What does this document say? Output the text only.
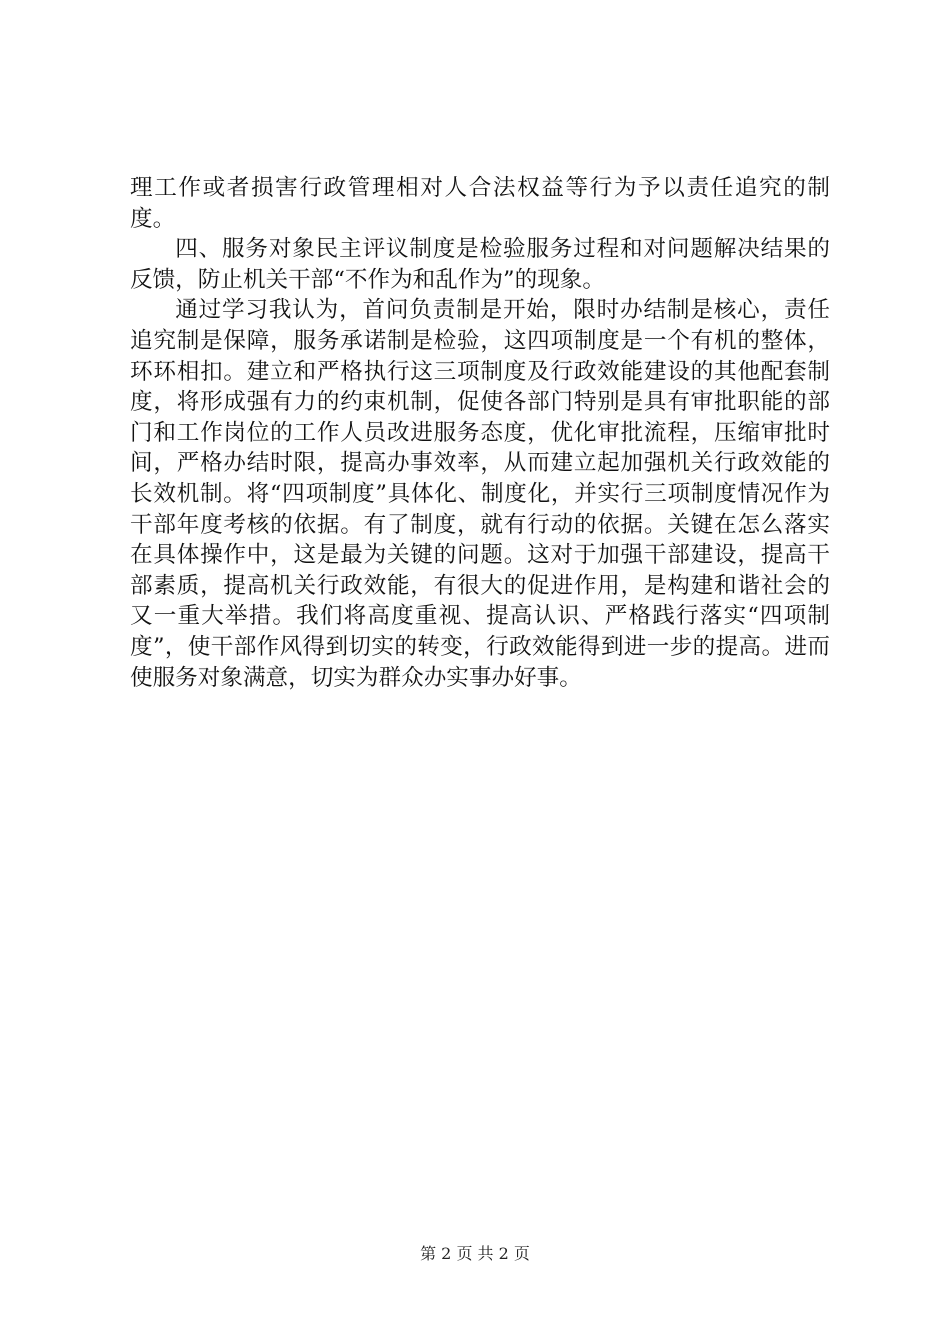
理工作或者损害行政管理相对人合法权益等行为予以责任追究的制度。

四、服务对象民主评议制度是检验服务过程和对问题解决结果的反馈，防止机关干部“不作为和乱作为”的现象。

通过学习我认为，首问负责制是开始，限时办结制是核心，责任追究制是保障，服务承诺制是检验，这四项制度是一个有机的整体，环环相扣。建立和严格执行这三项制度及行政效能建设的其他配套制度，将形成强有力的约束机制，促使各部门特别是具有审批职能的部门和工作岗位的工作人员改进服务态度，优化审批流程，压缩审批时间，严格办结时限，提高办事效率，从而建立起加强机关行政效能的长效机制。将“四项制度”具体化、制度化，并实行三项制度情况作为干部年度考核的依据。有了制度，就有行动的依据。关键在怎么落实在具体操作中，这是最为关键的问题。这对于加强干部建设，提高干部素质，提高机关行政效能，有很大的促进作用，是构建和谐社会的又一重大举措。我们将高度重视、提高认识、严格践行落实“四项制度”，使干部作风得到切实的转变，行政效能得到进一步的提高。进而使服务对象满意，切实为群众办实事办好事。

第 2 页 共 2 页
